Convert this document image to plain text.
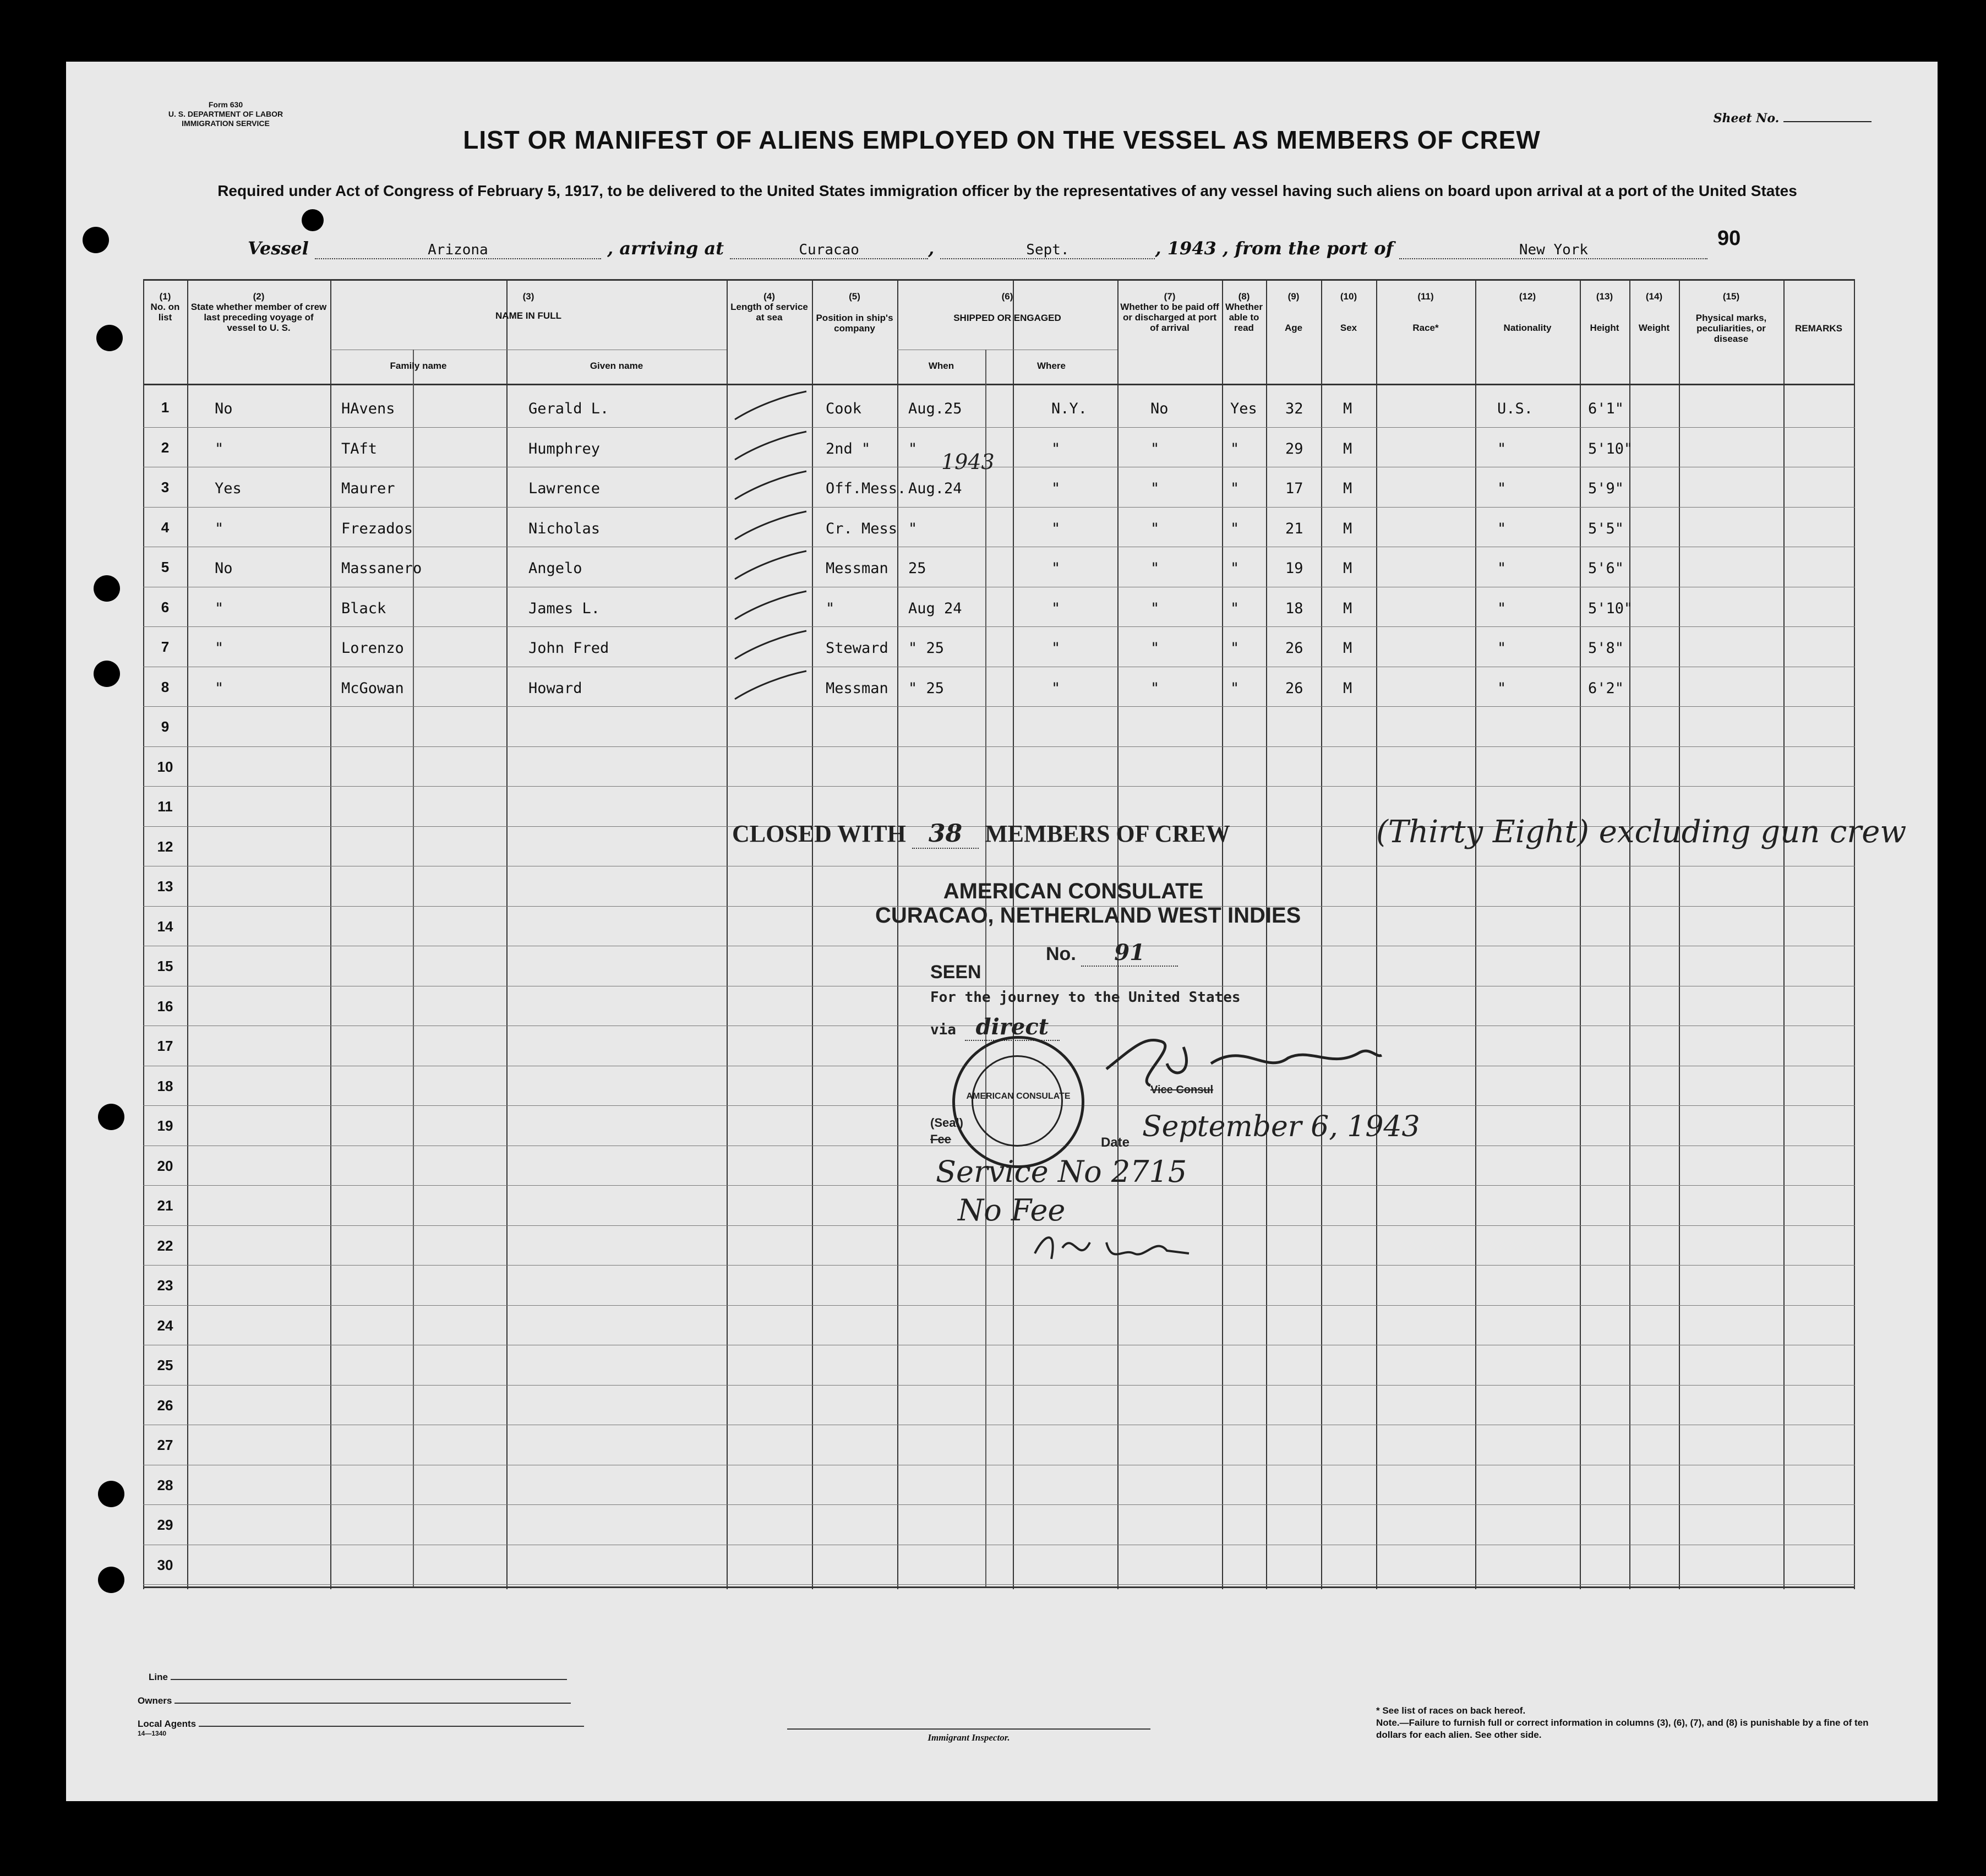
Form 630
U. S. DEPARTMENT OF LABOR
IMMIGRATION SERVICE	Sheet No.
LIST OR MANIFEST OF ALIENS EMPLOYED ON THE VESSEL AS MEMBERS OF CREW
Required under Act of Congress of February 5, 1917, to be delivered to the United States immigration officer by the representatives of any vessel having such aliens on board upon arrival at a port of the United States
Vessel	Arizona	, arriving at	Curacao	,	Sept.	, 1943 , from the port of	New York	90
(1)
No. on list
(2)
State whether member of crew last preceding voyage of vessel to U. S.
(3)
NAME IN FULL
Family name	Given name
(4)
Length of service at sea
(5)
Position in ship's company
(6)
SHIPPED OR ENGAGED
When	Where
(7)
Whether to be paid off or discharged at port of arrival
(8)
Whether able to read
(9)
Age
(10)
Sex
(11)
Race*
(12)
Nationality
(13)
Height
(14)
Weight
(15)
Physical marks, peculiarities, or disease
REMARKS
1
2
3
4
5
6
7
8
9
10
11
12
13
14
15
16
17
18
19
20
21
22
23
24
25
26
27
28
29
30
No	HAvens	Gerald L.	Cook	Aug.25	N.Y.	No	Yes 32	M	U.S.	6'1"
"	TAft	Humphrey	2nd "	"	"	"	"	29	M	"	5'10"
Yes	Maurer	Lawrence	Off.Mess. Aug.24	"	"	"	17	M	"	5'9"
"	Frezados	Nicholas	Cr. Mess "	"	"	"	21	M	"	5'5"
No	Massanero	Angelo	Messman 25	"	"	"	19	M	"	5'6"
"	Black	James L.	"	Aug 24	"	"	"	18	M	"	5'10"
"	Lorenzo	John Fred	Steward " 25	"	"	"	26	M	"	5'8"
"	McGowan	Howard	Messman " 25	"	"	"	26	M	"	6'2"
1943
CLOSED WITH 38 MEMBERS OF CREW	(Thirty Eight) excluding gun crew
AMERICAN CONSULATE
CURACAO, NETHERLAND WEST INDIES
No. 91
SEEN
For the journey to the United States
via direct
AMERICAN CONSULATE
Vice Consul
(Seal)
Fee	Date September 6, 1943
Service No 2715
No Fee
Line
Owners
Local Agents
14—1340	Immigrant Inspector.
* See list of races on back hereof.
Note.—Failure to furnish full or correct information in columns (3), (6), (7), and (8) is punishable by a fine of ten dollars for each alien. See other side.
